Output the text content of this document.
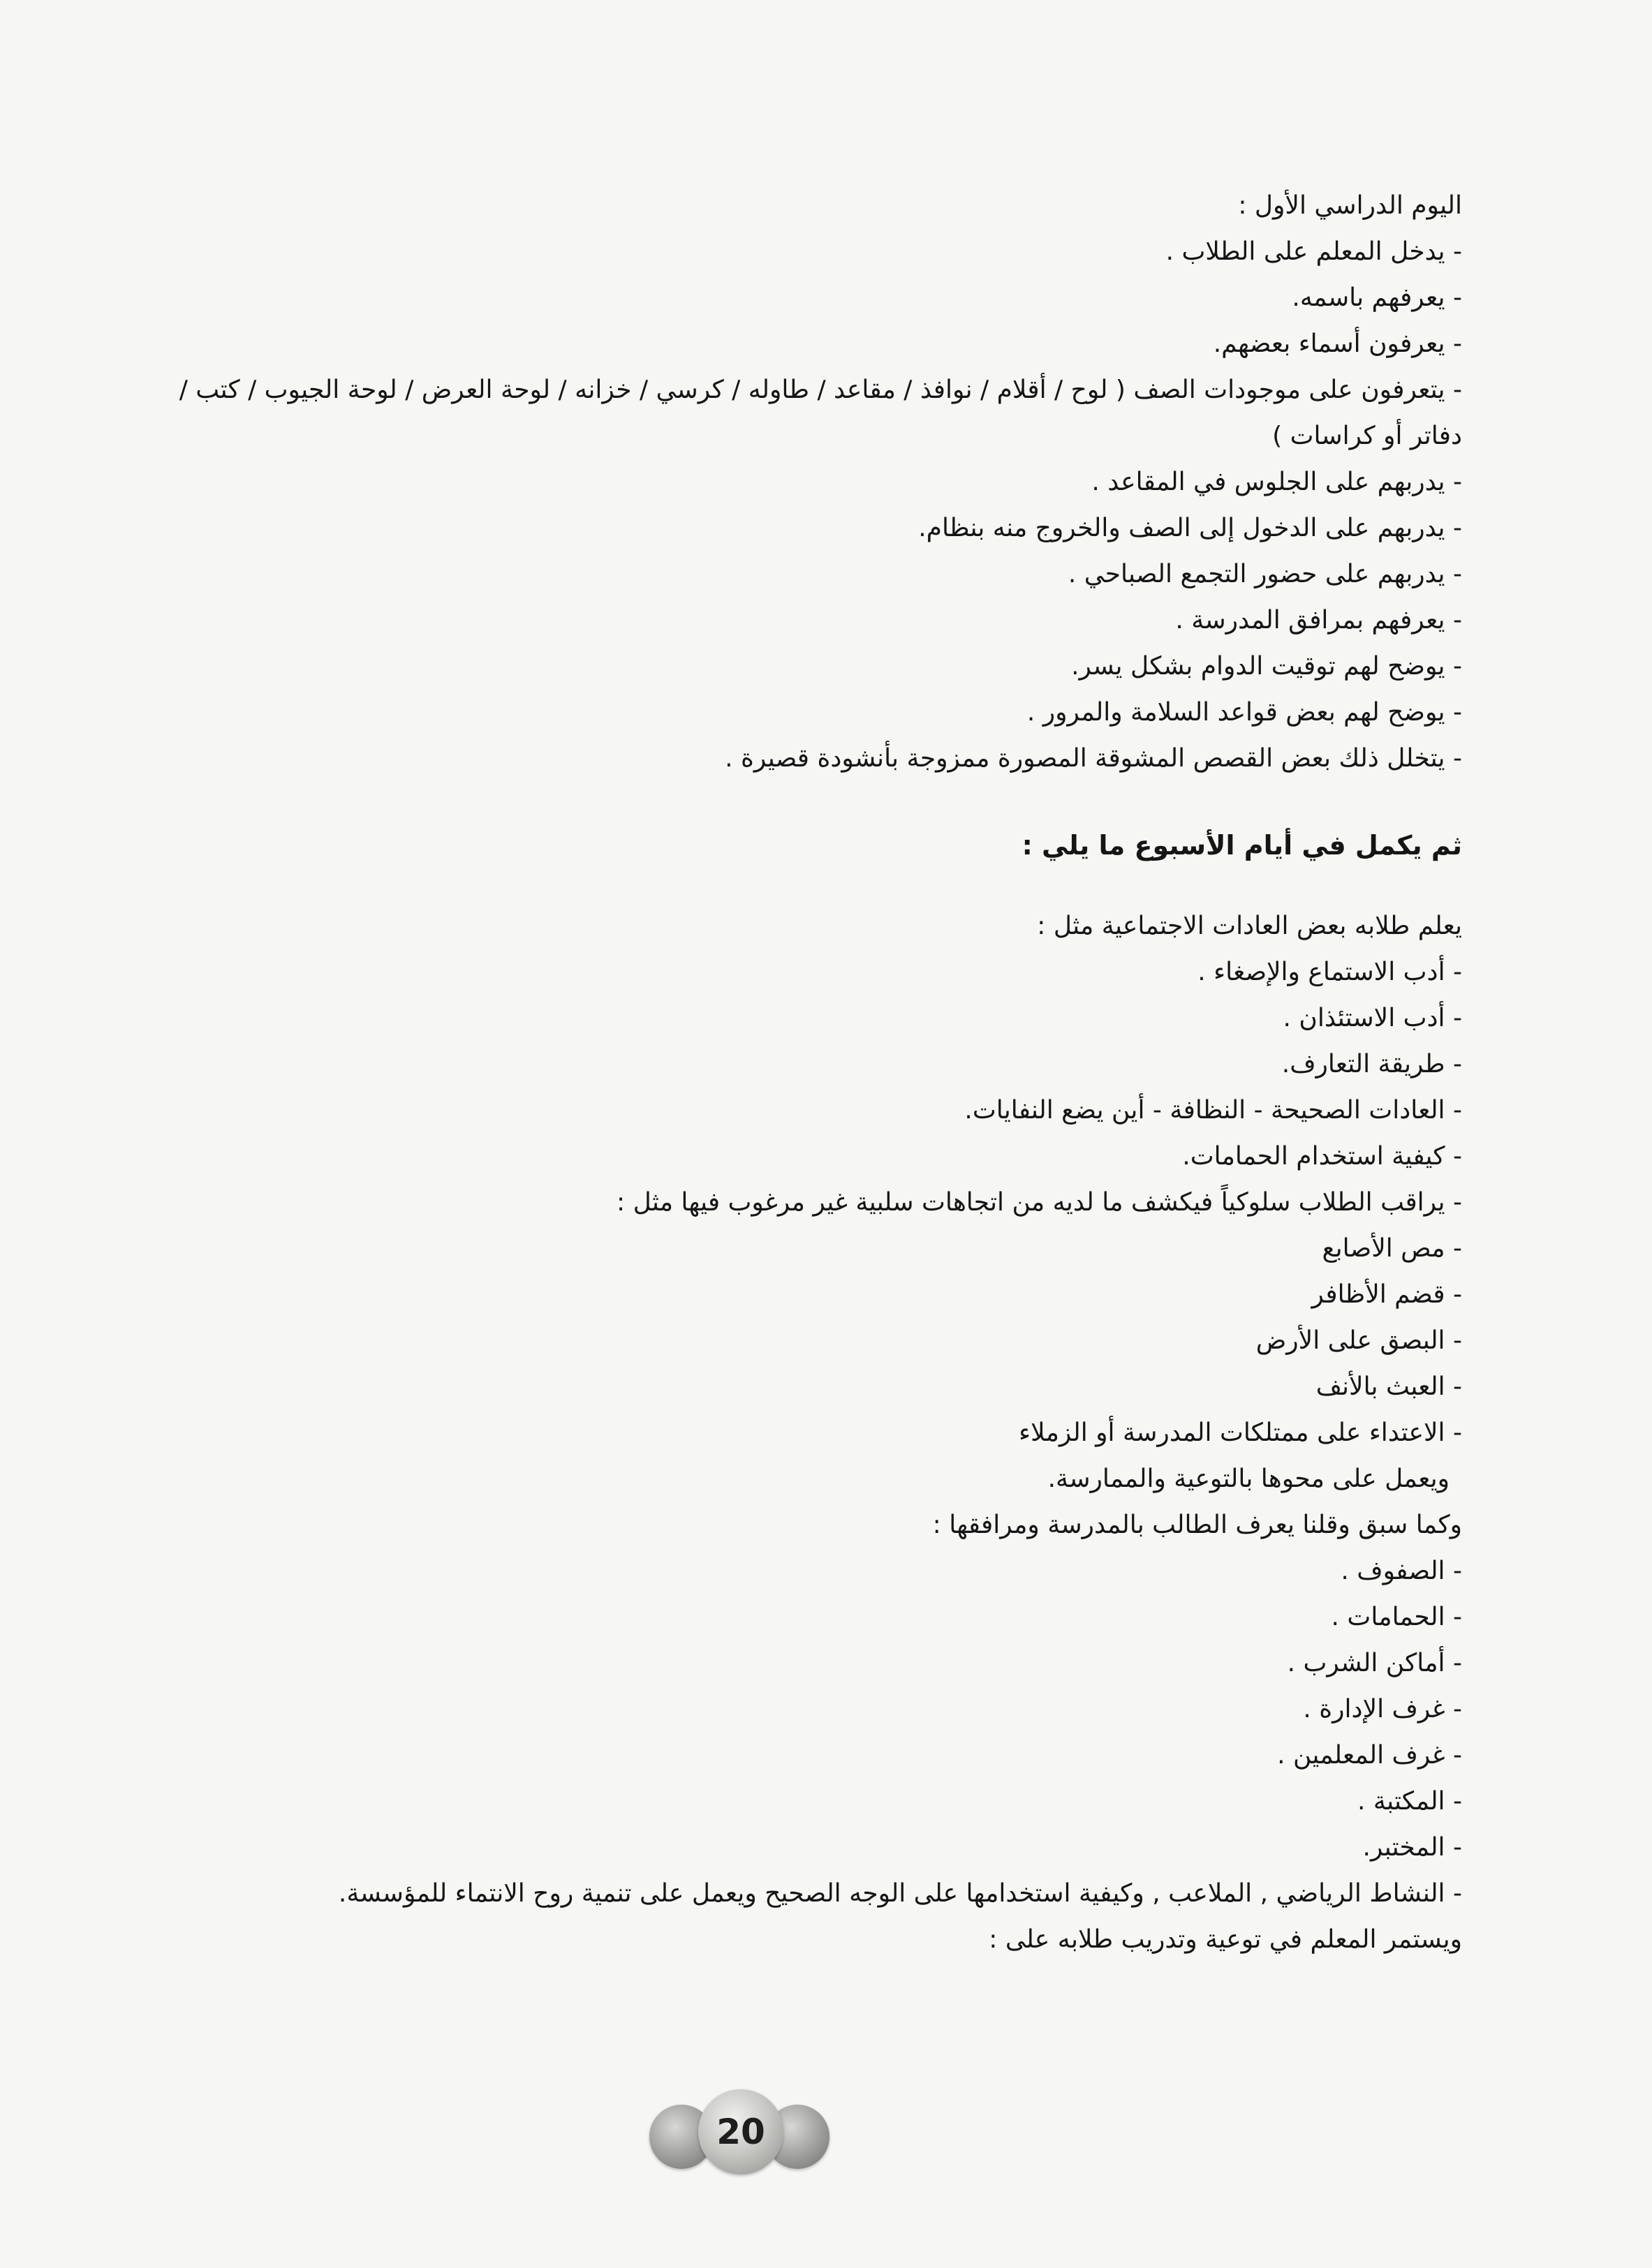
اليوم الدراسي الأول :
- يدخل المعلم على الطلاب .
- يعرفهم باسمه.
- يعرفون أسماء بعضهم.
- يتعرفون على موجودات الصف ( لوح / أقلام / نوافذ / مقاعد / طاوله / كرسي / خزانه / لوحة العرض / لوحة الجيوب / كتب /
دفاتر أو كراسات )
- يدربهم على الجلوس في المقاعد .
- يدربهم على الدخول إلى الصف والخروج منه بنظام.
- يدربهم على حضور التجمع الصباحي .
- يعرفهم بمرافق المدرسة .
- يوضح لهم توقيت الدوام بشكل يسر.
- يوضح لهم بعض قواعد السلامة والمرور .
- يتخلل ذلك بعض القصص المشوقة المصورة ممزوجة بأنشودة قصيرة .
ثم يكمل في أيام الأسبوع ما يلي :
يعلم طلابه بعض العادات الاجتماعية مثل :
- أدب الاستماع والإصغاء .
- أدب الاستئذان .
- طريقة التعارف.
- العادات الصحيحة - النظافة - أين يضع النفايات.
- كيفية استخدام الحمامات.
- يراقب الطلاب سلوكياً فيكشف ما لديه من اتجاهات سلبية غير مرغوب فيها مثل :
- مص الأصابع
- قضم الأظافر
- البصق على الأرض
- العبث بالأنف
- الاعتداء على ممتلكات المدرسة أو الزملاء
ويعمل على محوها بالتوعية والممارسة.
وكما سبق وقلنا يعرف الطالب بالمدرسة ومرافقها :
- الصفوف .
- الحمامات .
- أماكن الشرب .
- غرف الإدارة .
- غرف المعلمين .
- المكتبة .
- المختبر.
- النشاط الرياضي , الملاعب , وكيفية استخدامها على الوجه الصحيح ويعمل على تنمية روح الانتماء للمؤسسة.
ويستمر المعلم في توعية وتدريب طلابه على :
20
